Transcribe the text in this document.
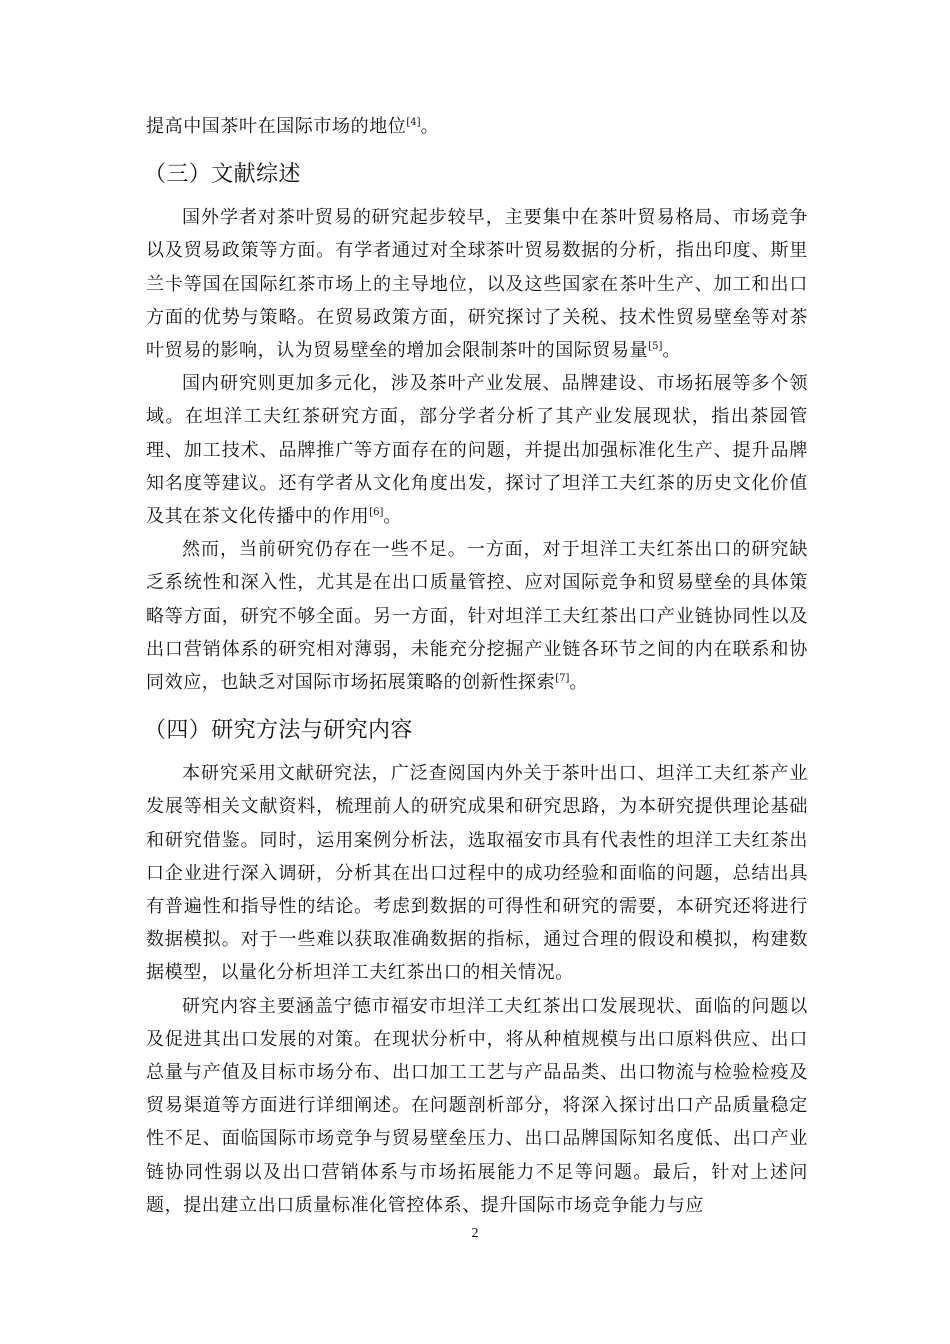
提高中国茶叶在国际市场的地位[4]。

（三）文献综述

国外学者对茶叶贸易的研究起步较早，主要集中在茶叶贸易格局、市场竞争以及贸易政策等方面。有学者通过对全球茶叶贸易数据的分析，指出印度、斯里兰卡等国在国际红茶市场上的主导地位，以及这些国家在茶叶生产、加工和出口方面的优势与策略。在贸易政策方面，研究探讨了关税、技术性贸易壁垒等对茶叶贸易的影响，认为贸易壁垒的增加会限制茶叶的国际贸易量[5]。

国内研究则更加多元化，涉及茶叶产业发展、品牌建设、市场拓展等多个领域。在坦洋工夫红茶研究方面，部分学者分析了其产业发展现状，指出茶园管理、加工技术、品牌推广等方面存在的问题，并提出加强标准化生产、提升品牌知名度等建议。还有学者从文化角度出发，探讨了坦洋工夫红茶的历史文化价值及其在茶文化传播中的作用[6]。

然而，当前研究仍存在一些不足。一方面，对于坦洋工夫红茶出口的研究缺乏系统性和深入性，尤其是在出口质量管控、应对国际竞争和贸易壁垒的具体策略等方面，研究不够全面。另一方面，针对坦洋工夫红茶出口产业链协同性以及出口营销体系的研究相对薄弱，未能充分挖掘产业链各环节之间的内在联系和协同效应，也缺乏对国际市场拓展策略的创新性探索[7]。

（四）研究方法与研究内容

本研究采用文献研究法，广泛查阅国内外关于茶叶出口、坦洋工夫红茶产业发展等相关文献资料，梳理前人的研究成果和研究思路，为本研究提供理论基础和研究借鉴。同时，运用案例分析法，选取福安市具有代表性的坦洋工夫红茶出口企业进行深入调研，分析其在出口过程中的成功经验和面临的问题，总结出具有普遍性和指导性的结论。考虑到数据的可得性和研究的需要，本研究还将进行数据模拟。对于一些难以获取准确数据的指标，通过合理的假设和模拟，构建数据模型，以量化分析坦洋工夫红茶出口的相关情况。

研究内容主要涵盖宁德市福安市坦洋工夫红茶出口发展现状、面临的问题以及促进其出口发展的对策。在现状分析中，将从种植规模与出口原料供应、出口总量与产值及目标市场分布、出口加工工艺与产品品类、出口物流与检验检疫及贸易渠道等方面进行详细阐述。在问题剖析部分，将深入探讨出口产品质量稳定性不足、面临国际市场竞争与贸易壁垒压力、出口品牌国际知名度低、出口产业链协同性弱以及出口营销体系与市场拓展能力不足等问题。最后，针对上述问题，提出建立出口质量标准化管控体系、提升国际市场竞争能力与应

2
